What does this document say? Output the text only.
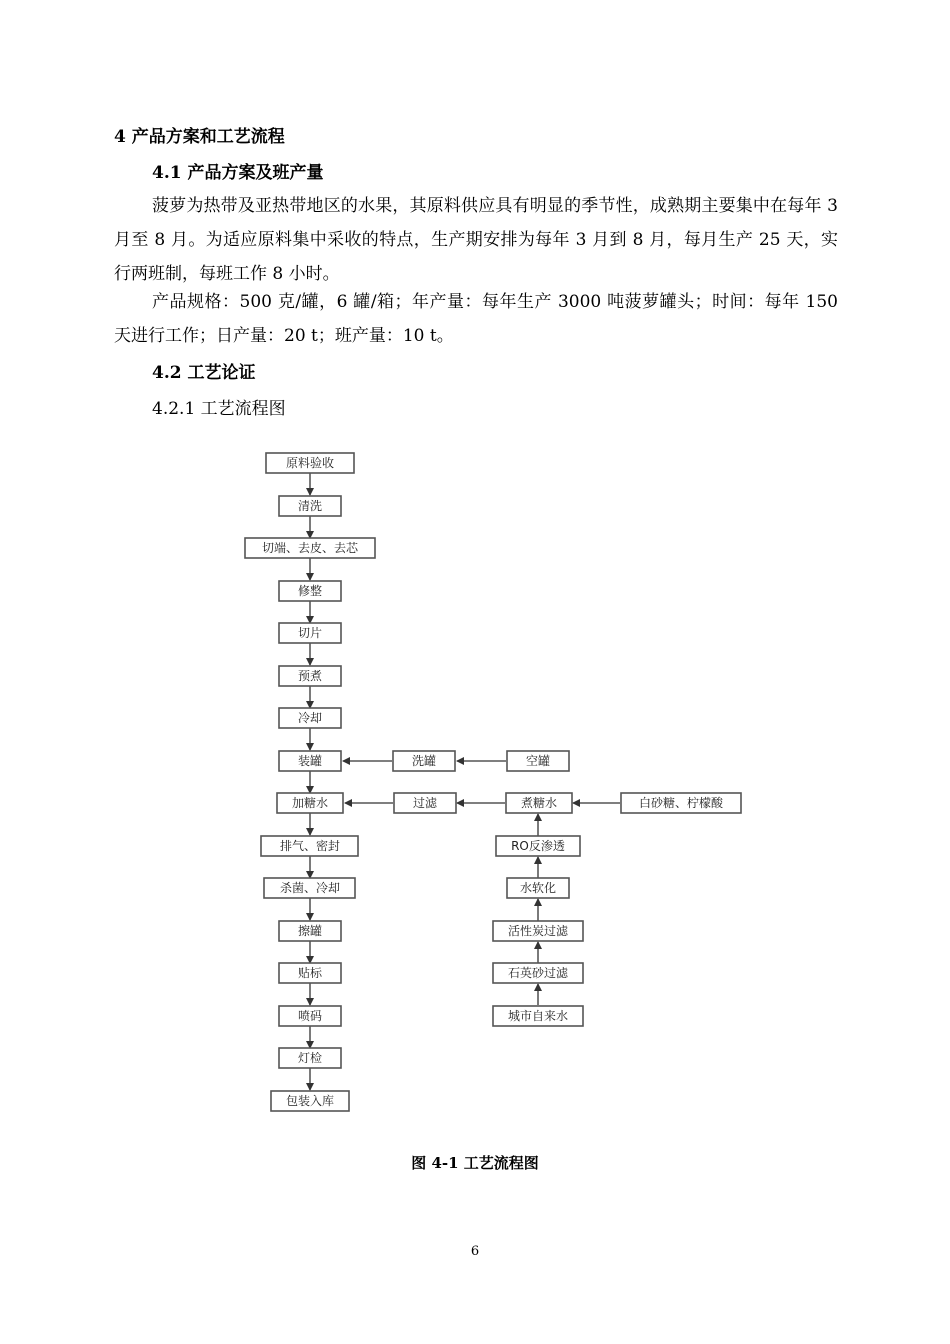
4 产品方案和工艺流程
4.1 产品方案及班产量

菠萝为热带及亚热带地区的水果，其原料供应具有明显的季节性，成熟期主要集中在每年 3 月至 8 月。为适应原料集中采收的特点，生产期安排为每年 3 月到 8 月，每月生产 25 天，实行两班制，每班工作 8 小时。

产品规格：500 克/罐，6 罐/箱；年产量：每年生产 3000 吨菠萝罐头；时间：每年 150 天进行工作；日产量：20 t；班产量：10 t。

4.2 工艺论证
4.2.1 工艺流程图
原料验收
清洗
切端、去皮、去芯
修整
切片
预煮
冷却
装罐
加糖水
排气、密封
杀菌、冷却
擦罐
贴标
喷码
灯检
包装入库
洗罐	空罐
过滤	煮糖水	白砂糖、柠檬酸
RO反渗透
水软化
活性炭过滤
石英砂过滤
城市自来水
图 4-1 工艺流程图
6
